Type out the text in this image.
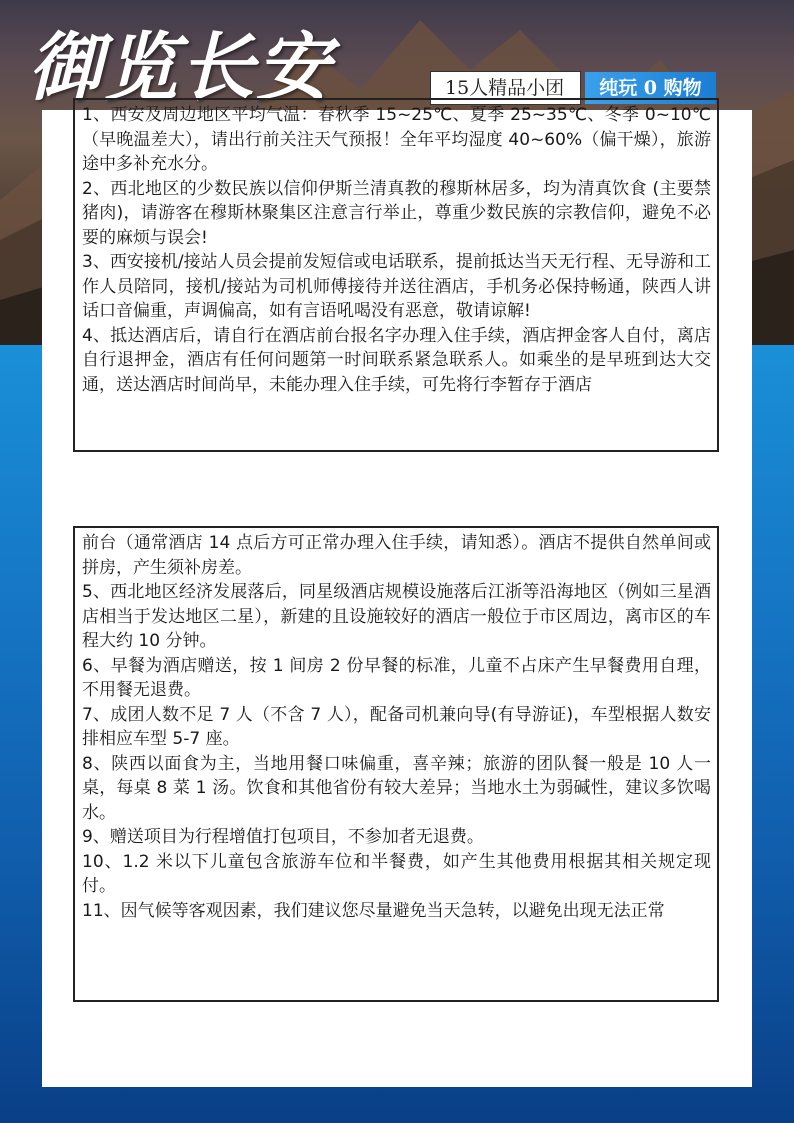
御览长安	15人精品小团	纯玩 0 购物

1、西安及周边地区平均气温：春秋季 15~25℃、夏季 25~35℃、冬季 0~10℃（早晚温差大），请出行前关注天气预报！全年平均湿度 40~60%（偏干燥），旅游途中多补充水分。

2、西北地区的少数民族以信仰伊斯兰清真教的穆斯林居多，均为清真饮食 (主要禁猪肉)，请游客在穆斯林聚集区注意言行举止，尊重少数民族的宗教信仰，避免不必要的麻烦与误会!

3、西安接机/接站人员会提前发短信或电话联系，提前抵达当天无行程、无导游和工作人员陪同，接机/接站为司机师傅接待并送往酒店，手机务必保持畅通，陕西人讲话口音偏重，声调偏高，如有言语吼喝没有恶意，敬请谅解!

4、抵达酒店后，请自行在酒店前台报名字办理入住手续，酒店押金客人自付，离店自行退押金，酒店有任何问题第一时间联系紧急联系人。如乘坐的是早班到达大交通，送达酒店时间尚早，未能办理入住手续，可先将行李暂存于酒店

前台（通常酒店 14 点后方可正常办理入住手续，请知悉）。酒店不提供自然单间或拼房，产生须补房差。

5、西北地区经济发展落后，同星级酒店规模设施落后江浙等沿海地区（例如三星酒店相当于发达地区二星），新建的且设施较好的酒店一般位于市区周边，离市区的车程大约 10 分钟。

6、早餐为酒店赠送，按 1 间房 2 份早餐的标准，儿童不占床产生早餐费用自理，不用餐无退费。

7、成团人数不足 7 人（不含 7 人），配备司机兼向导(有导游证)，车型根据人数安排相应车型 5-7 座。

8、陕西以面食为主，当地用餐口味偏重，喜辛辣；旅游的团队餐一般是 10 人一桌，每桌 8 菜 1 汤。饮食和其他省份有较大差异；当地水土为弱碱性，建议多饮喝水。

9、赠送项目为行程增值打包项目，不参加者无退费。

10、1.2 米以下儿童包含旅游车位和半餐费，如产生其他费用根据其相关规定现付。

11、因气候等客观因素，我们建议您尽量避免当天急转，以避免出现无法正常
